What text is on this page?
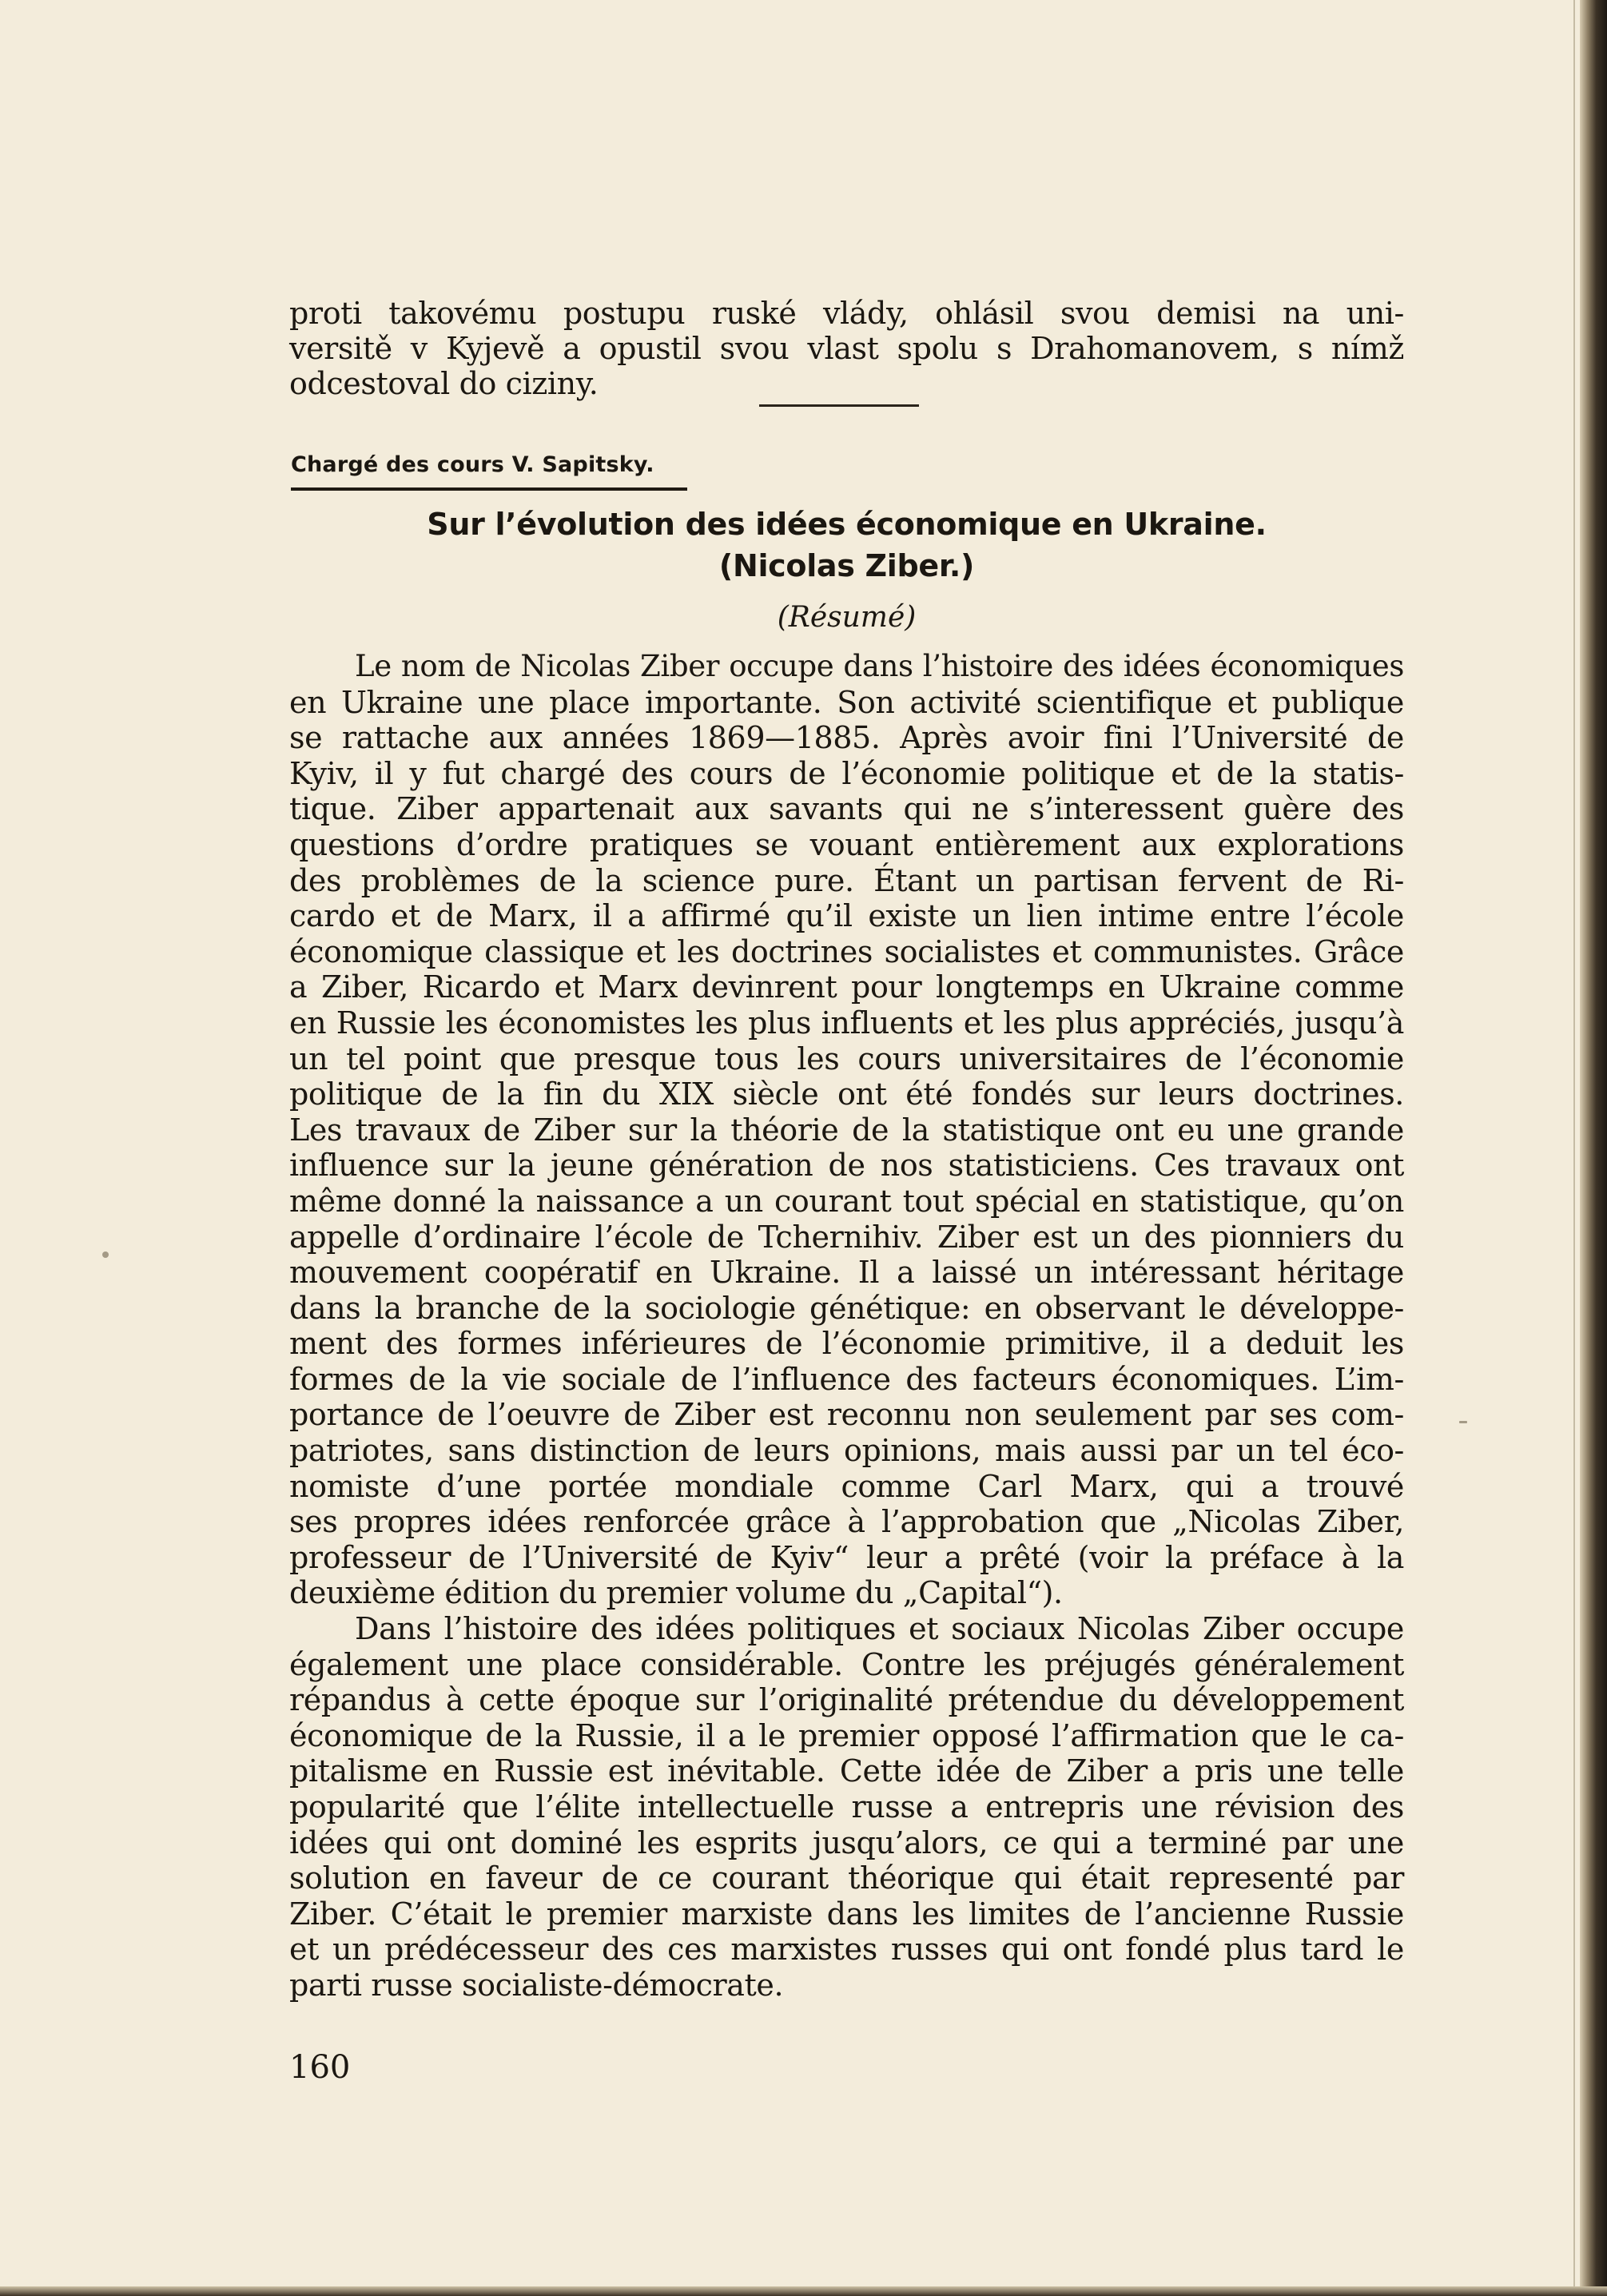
proti takovému postupu ruské vlády, ohlásil svou demisi na uni-
versitě v Kyjevě a opustil svou vlast spolu s Drahomanovem, s nímž
odcestoval do ciziny.
Chargé des cours V. Sapitsky.
Sur l’évolution des idées économique en Ukraine.
(Nicolas Ziber.)
(Résumé)
Le nom de Nicolas Ziber occupe dans l’histoire des idées économiques
en Ukraine une place importante. Son activité scientifique et publique
se rattache aux années 1869—1885. Après avoir fini l’Université de
Kyiv, il y fut chargé des cours de l’économie politique et de la statis-
tique. Ziber appartenait aux savants qui ne s’interessent guère des
questions d’ordre pratiques se vouant entièrement aux explorations
des problèmes de la science pure. Étant un partisan fervent de Ri-
cardo et de Marx, il a affirmé qu’il existe un lien intime entre l’école
économique classique et les doctrines socialistes et communistes. Grâce
a Ziber, Ricardo et Marx devinrent pour longtemps en Ukraine comme
en Russie les économistes les plus influents et les plus appréciés, jusqu’à
un tel point que presque tous les cours universitaires de l’économie
politique de la fin du XIX siècle ont été fondés sur leurs doctrines.
Les travaux de Ziber sur la théorie de la statistique ont eu une grande
influence sur la jeune génération de nos statisticiens. Ces travaux ont
même donné la naissance a un courant tout spécial en statistique, qu’on
appelle d’ordinaire l’école de Tchernihiv. Ziber est un des pionniers du
mouvement coopératif en Ukraine. Il a laissé un intéressant héritage
dans la branche de la sociologie génétique: en observant le développe-
ment des formes inférieures de l’économie primitive, il a deduit les
formes de la vie sociale de l’influence des facteurs économiques. L’im-
portance de l’oeuvre de Ziber est reconnu non seulement par ses com-
patriotes, sans distinction de leurs opinions, mais aussi par un tel éco-
nomiste d’une portée mondiale comme Carl Marx, qui a trouvé
ses propres idées renforcée grâce à l’approbation que „Nicolas Ziber,
professeur de l’Université de Kyiv“ leur a prêté (voir la préface à la
deuxième édition du premier volume du „Capital“).
Dans l’histoire des idées politiques et sociaux Nicolas Ziber occupe
également une place considérable. Contre les préjugés généralement
répandus à cette époque sur l’originalité prétendue du développement
économique de la Russie, il a le premier opposé l’affirmation que le ca-
pitalisme en Russie est inévitable. Cette idée de Ziber a pris une telle
popularité que l’élite intellectuelle russe a entrepris une révision des
idées qui ont dominé les esprits jusqu’alors, ce qui a terminé par une
solution en faveur de ce courant théorique qui était representé par
Ziber. C’était le premier marxiste dans les limites de l’ancienne Russie
et un prédécesseur des ces marxistes russes qui ont fondé plus tard le
parti russe socialiste-démocrate.
160
